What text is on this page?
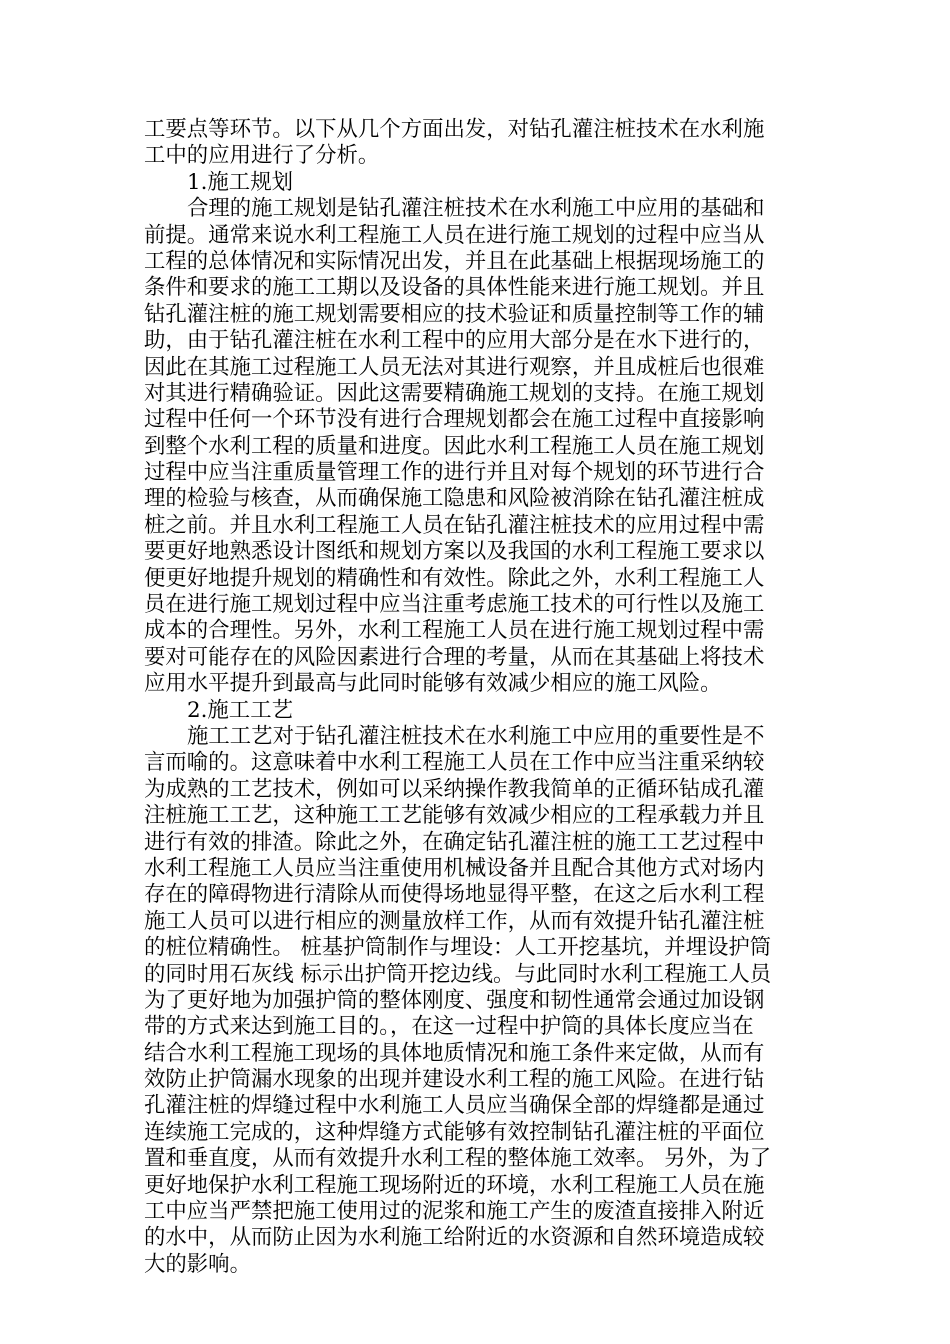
工要点等环节。以下从几个方面出发，对钻孔灌注桩技术在水利施
工中的应用进行了分析。
1.施工规划
合理的施工规划是钻孔灌注桩技术在水利施工中应用的基础和
前提。通常来说水利工程施工人员在进行施工规划的过程中应当从
工程的总体情况和实际情况出发，并且在此基础上根据现场施工的
条件和要求的施工工期以及设备的具体性能来进行施工规划。并且
钻孔灌注桩的施工规划需要相应的技术验证和质量控制等工作的辅
助，由于钻孔灌注桩在水利工程中的应用大部分是在水下进行的，
因此在其施工过程施工人员无法对其进行观察，并且成桩后也很难
对其进行精确验证。因此这需要精确施工规划的支持。在施工规划
过程中任何一个环节没有进行合理规划都会在施工过程中直接影响
到整个水利工程的质量和进度。因此水利工程施工人员在施工规划
过程中应当注重质量管理工作的进行并且对每个规划的环节进行合
理的检验与核查，从而确保施工隐患和风险被消除在钻孔灌注桩成
桩之前。并且水利工程施工人员在钻孔灌注桩技术的应用过程中需
要更好地熟悉设计图纸和规划方案以及我国的水利工程施工要求以
便更好地提升规划的精确性和有效性。除此之外，水利工程施工人
员在进行施工规划过程中应当注重考虑施工技术的可行性以及施工
成本的合理性。另外，水利工程施工人员在进行施工规划过程中需
要对可能存在的风险因素进行合理的考量，从而在其基础上将技术
应用水平提升到最高与此同时能够有效减少相应的施工风险。
2.施工工艺
施工工艺对于钻孔灌注桩技术在水利施工中应用的重要性是不
言而喻的。这意味着中水利工程施工人员在工作中应当注重采纳较
为成熟的工艺技术，例如可以采纳操作教我简单的正循环钻成孔灌
注桩施工工艺，这种施工工艺能够有效减少相应的工程承载力并且
进行有效的排渣。除此之外，在确定钻孔灌注桩的施工工艺过程中
水利工程施工人员应当注重使用机械设备并且配合其他方式对场内
存在的障碍物进行清除从而使得场地显得平整，在这之后水利工程
施工人员可以进行相应的测量放样工作，从而有效提升钻孔灌注桩
的桩位精确性。 桩基护筒制作与埋设：人工开挖基坑，并埋设护筒
的同时用石灰线 标示出护筒开挖边线。与此同时水利工程施工人员
为了更好地为加强护筒的整体刚度、强度和韧性通常会通过加设钢
带的方式来达到施工目的。，在这一过程中护筒的具体长度应当在
结合水利工程施工现场的具体地质情况和施工条件来定做，从而有
效防止护筒漏水现象的出现并建设水利工程的施工风险。在进行钻
孔灌注桩的焊缝过程中水利施工人员应当确保全部的焊缝都是通过
连续施工完成的，这种焊缝方式能够有效控制钻孔灌注桩的平面位
置和垂直度，从而有效提升水利工程的整体施工效率。 另外，为了
更好地保护水利工程施工现场附近的环境，水利工程施工人员在施
工中应当严禁把施工使用过的泥浆和施工产生的废渣直接排入附近
的水中，从而防止因为水利施工给附近的水资源和自然环境造成较
大的影响。
